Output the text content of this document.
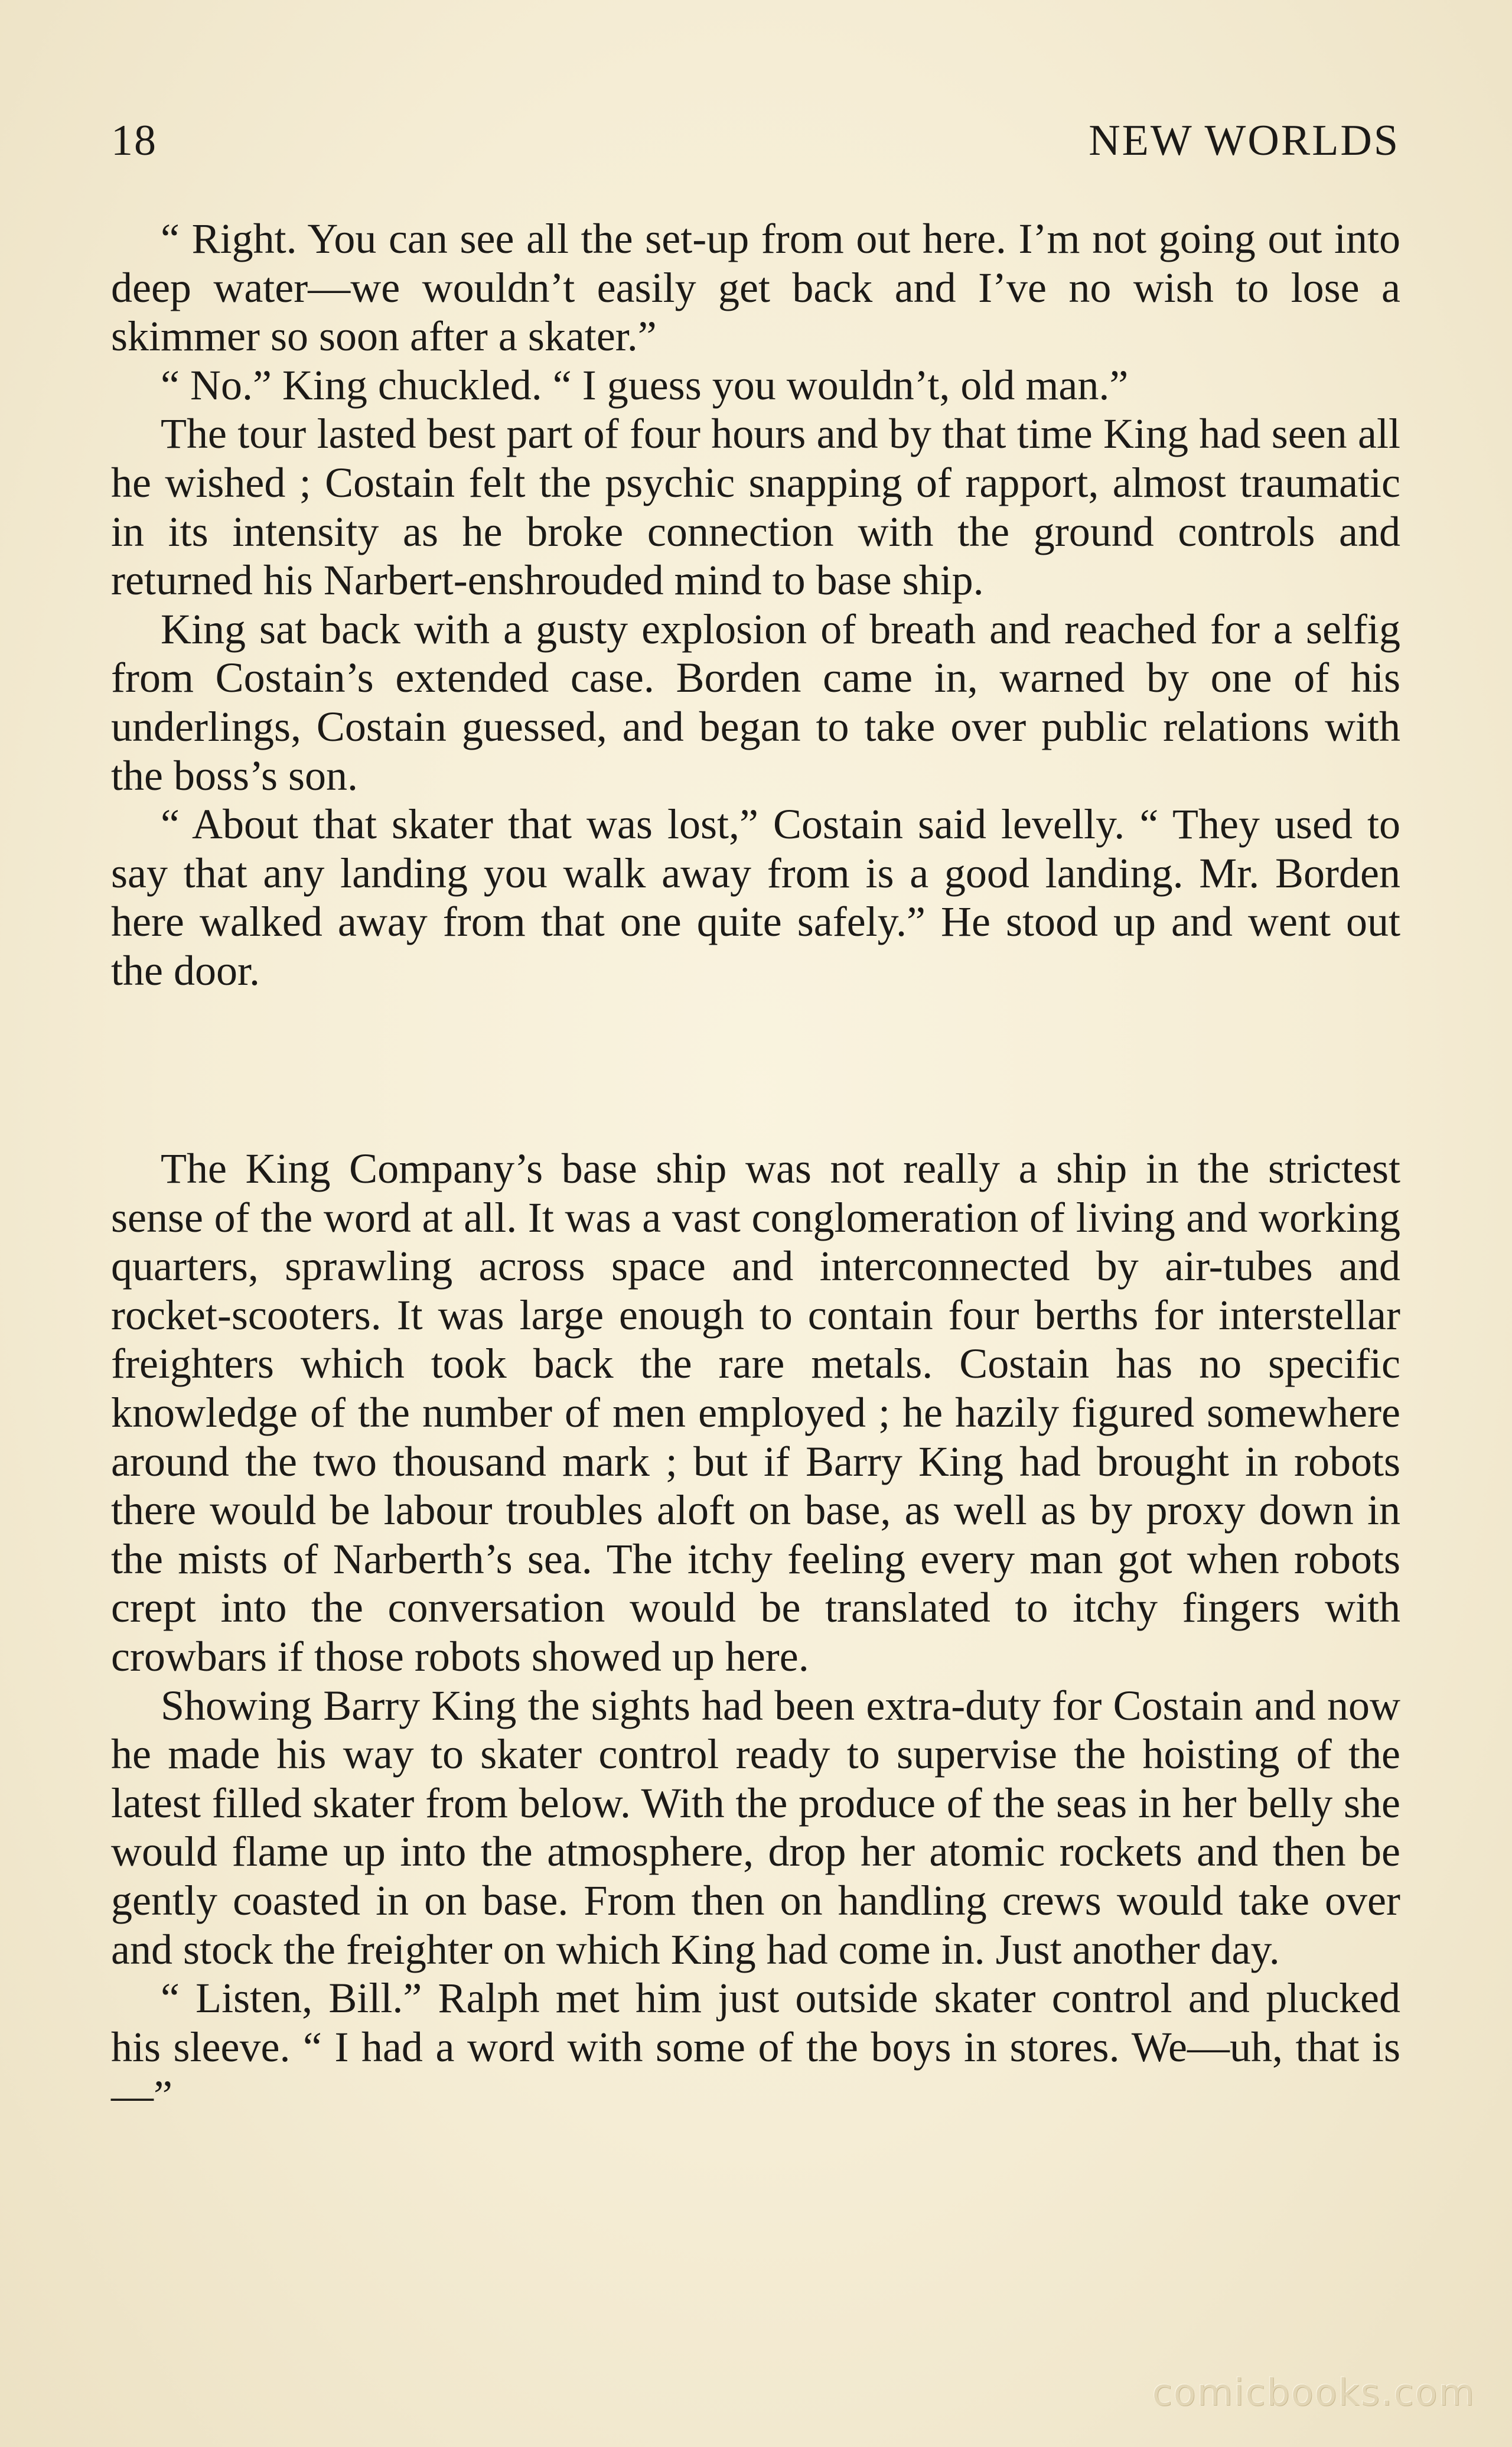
18	NEW WORLDS

“ Right. You can see all the set-up from out here. I’m not going out into deep water—we wouldn’t easily get back and I’ve no wish to lose a skimmer so soon after a skater.”

“ No.” King chuckled. “ I guess you wouldn’t, old man.”

The tour lasted best part of four hours and by that time King had seen all he wished ; Costain felt the psychic snapping of rapport, almost traumatic in its intensity as he broke connection with the ground controls and returned his Narbert-enshrouded mind to base ship.

King sat back with a gusty explosion of breath and reached for a selfig from Costain’s extended case. Borden came in, warned by one of his underlings, Costain guessed, and began to take over public relations with the boss’s son.

“ About that skater that was lost,” Costain said levelly. “ They used to say that any landing you walk away from is a good landing. Mr. Borden here walked away from that one quite safely.” He stood up and went out the door.

The King Company’s base ship was not really a ship in the strictest sense of the word at all. It was a vast conglomeration of living and working quarters, sprawling across space and interconnected by air-tubes and rocket-scooters. It was large enough to contain four berths for interstellar freighters which took back the rare metals. Costain has no specific knowledge of the number of men employed ; he hazily figured somewhere around the two thousand mark ; but if Barry King had brought in robots there would be labour troubles aloft on base, as well as by proxy down in the mists of Narberth’s sea. The itchy feeling every man got when robots crept into the conversation would be translated to itchy fingers with crowbars if those robots showed up here.

Showing Barry King the sights had been extra-duty for Costain and now he made his way to skater control ready to supervise the hoisting of the latest filled skater from below. With the produce of the seas in her belly she would flame up into the atmosphere, drop her atomic rockets and then be gently coasted in on base. From then on handling crews would take over and stock the freighter on which King had come in. Just another day.

“ Listen, Bill.” Ralph met him just outside skater control and plucked his sleeve. “ I had a word with some of the boys in stores. We—uh, that is—”

comicbooks.com
